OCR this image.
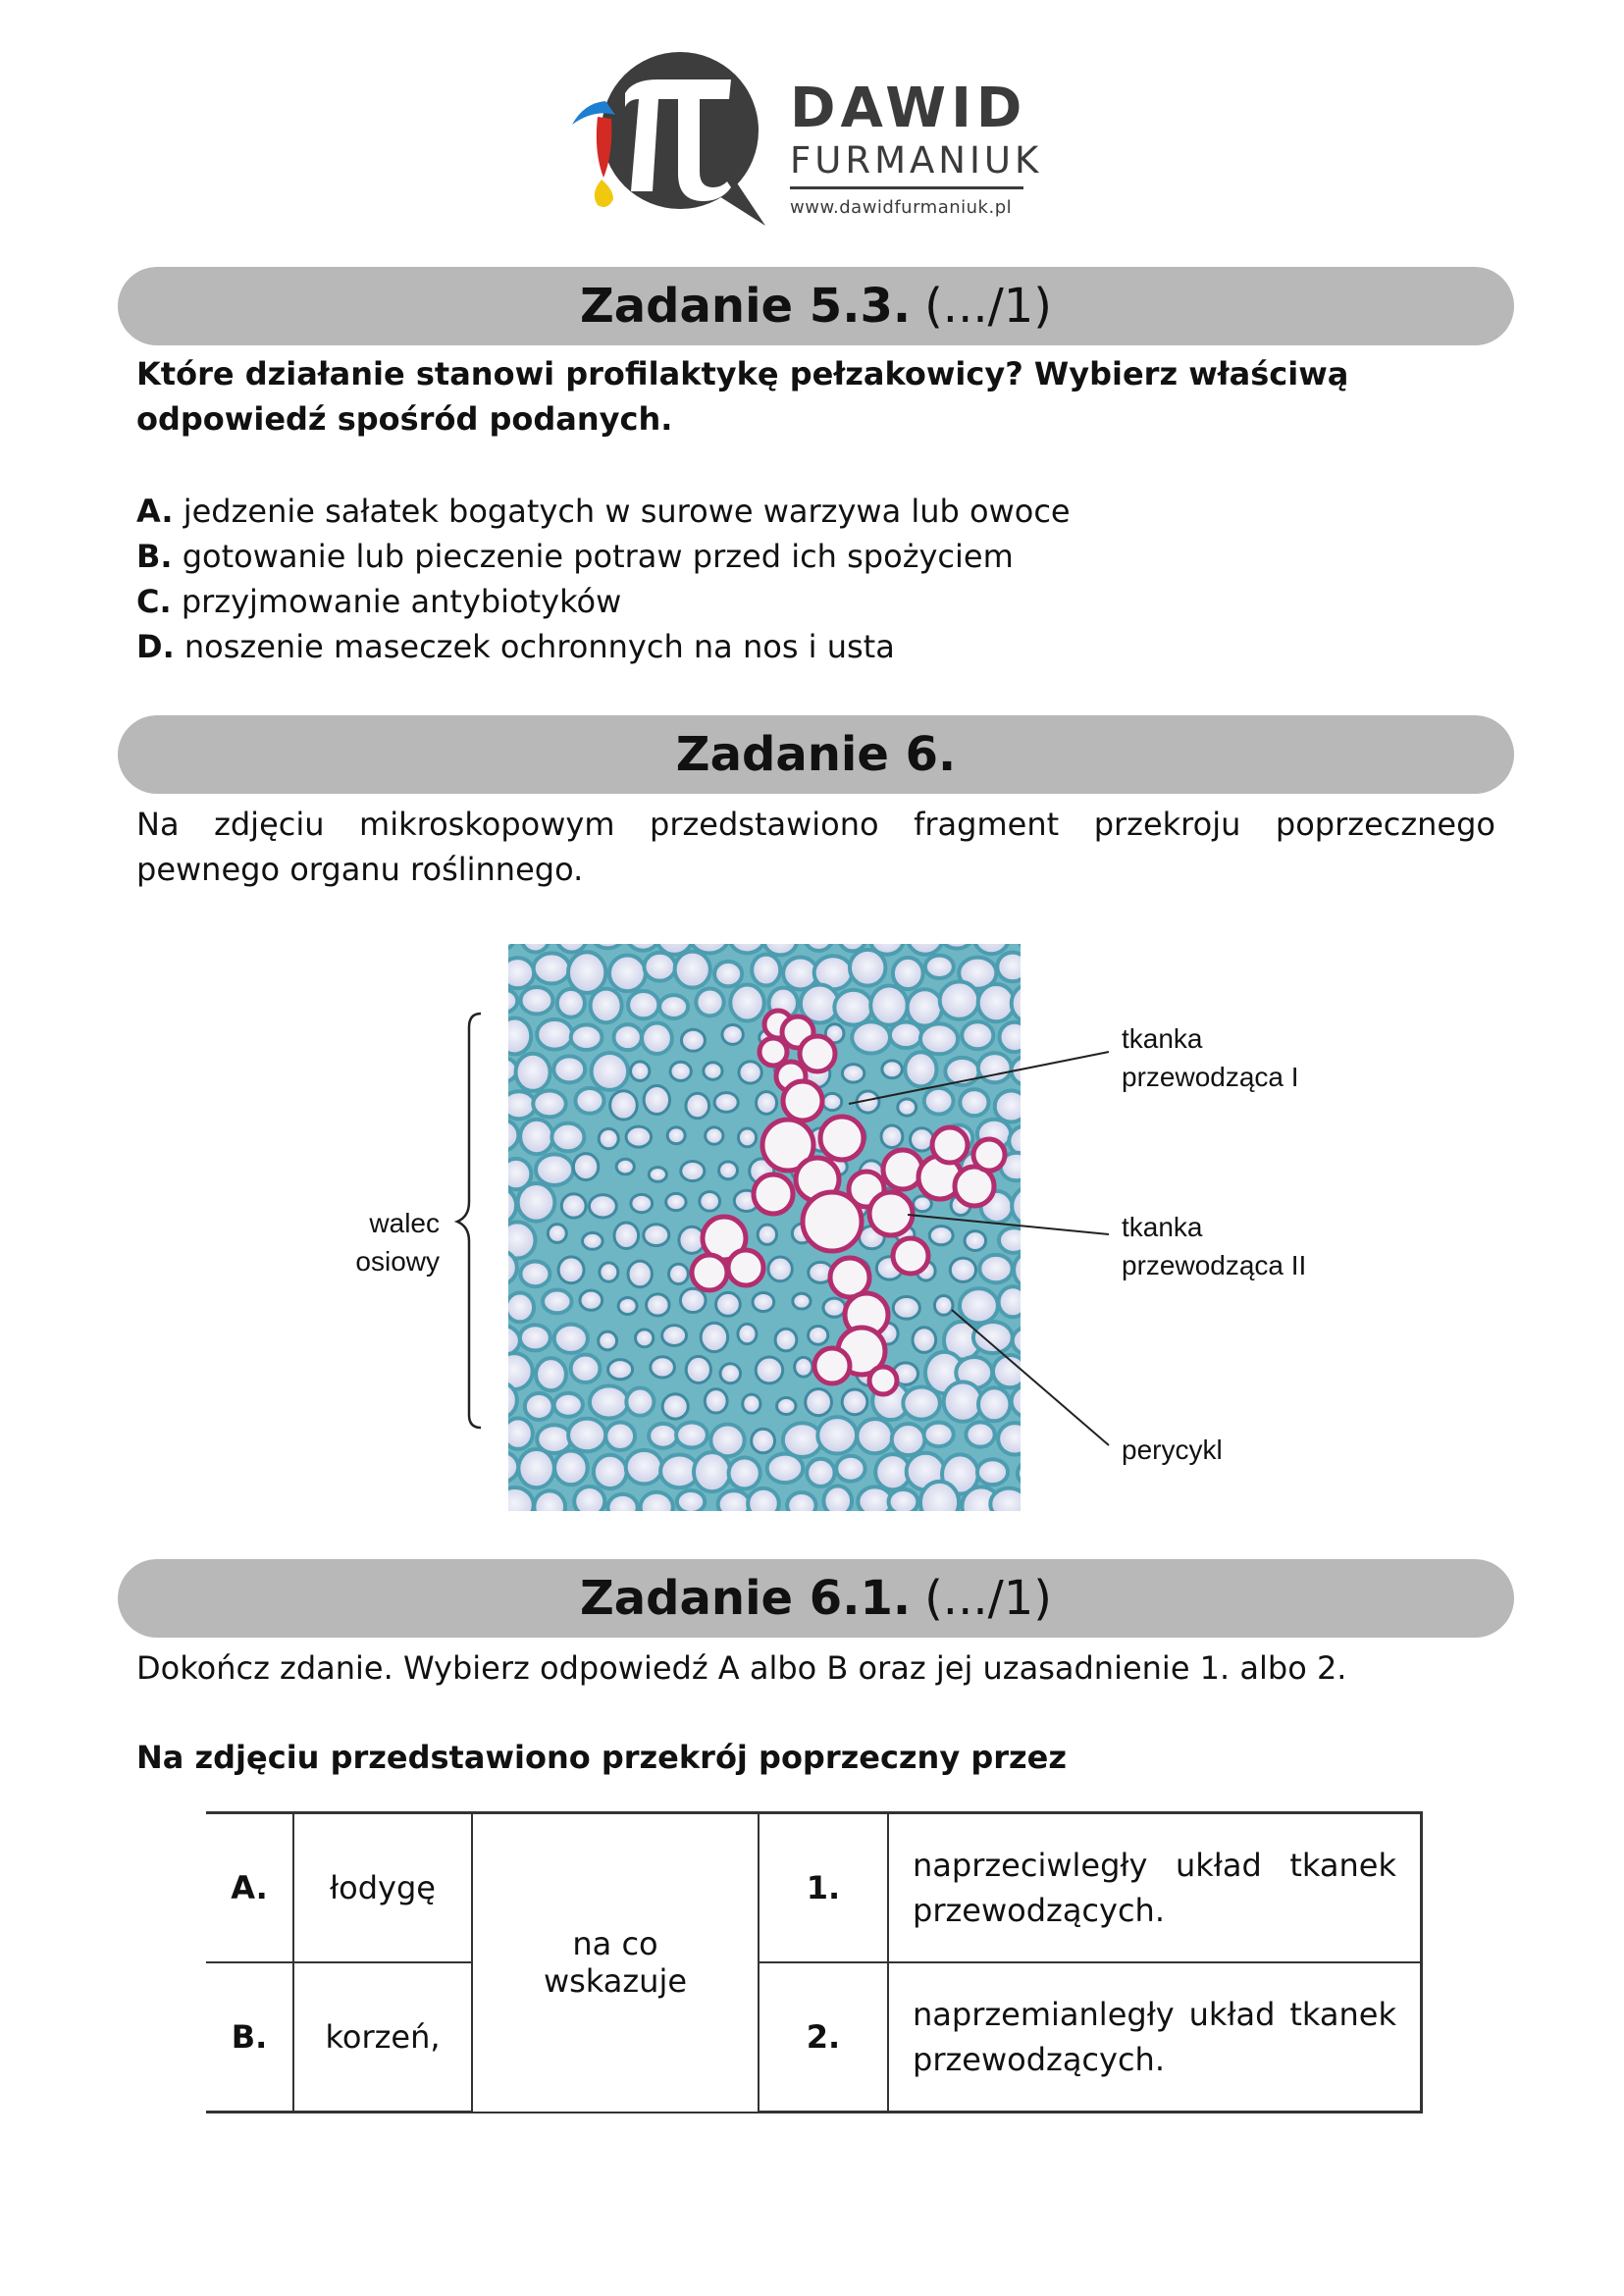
DAWID
FURMANIUK
www.dawidfurmaniuk.pl
Zadanie 5.3. (.../1)
Które działanie stanowi profilaktykę pełzakowicy? Wybierz właściwą odpowiedź spośród podanych.
A. jedzenie sałatek bogatych w surowe warzywa lub owoce
B. gotowanie lub pieczenie potraw przed ich spożyciem
C. przyjmowanie antybiotyków
D. noszenie maseczek ochronnych na nos i usta
Zadanie 6.
Na zdjęciu mikroskopowym przedstawiono fragment przekroju poprzecznego pewnego organu roślinnego.
walec
osiowy
tkanka
przewodząca I
tkanka
przewodząca II
perycykl
Zadanie 6.1. (.../1)
Dokończ zdanie. Wybierz odpowiedź A albo B oraz jej uzasadnienie 1. albo 2.
Na zdjęciu przedstawiono przekrój poprzeczny przez
A.	łodygę	na co wskazuje	1.	naprzeciwległy układ tkanek przewodzących.
B.	korzeń,		2.	naprzemianległy układ tkanek przewodzących.
